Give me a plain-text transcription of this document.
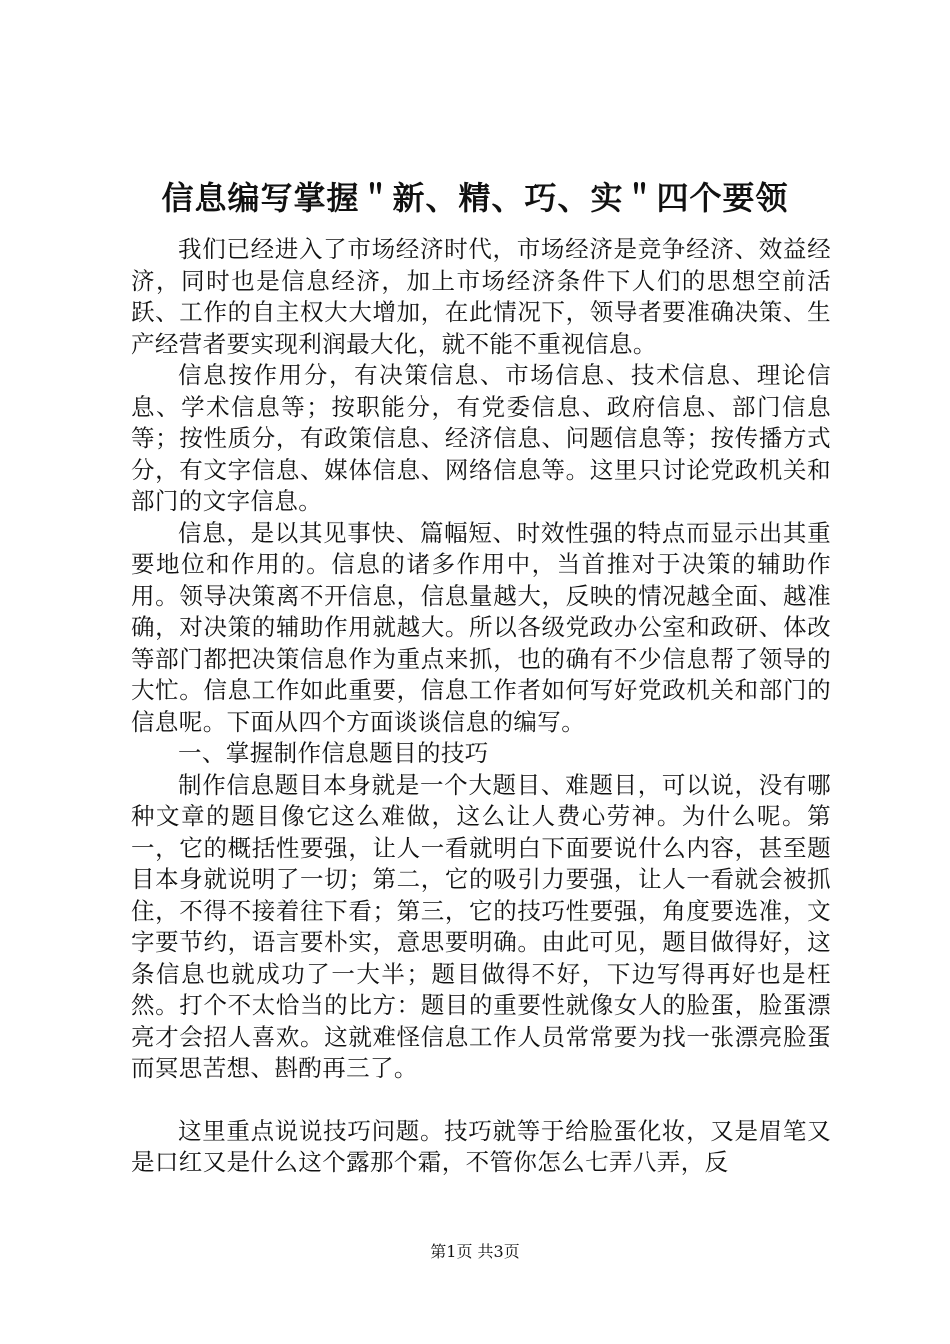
信息编写掌握＂新、精、巧、实＂四个要领

我们已经进入了市场经济时代，市场经济是竞争经济、效益经济，同时也是信息经济，加上市场经济条件下人们的思想空前活跃、工作的自主权大大增加，在此情况下，领导者要准确决策、生产经营者要实现利润最大化，就不能不重视信息。

信息按作用分，有决策信息、市场信息、技术信息、理论信息、学术信息等；按职能分，有党委信息、政府信息、部门信息等；按性质分，有政策信息、经济信息、问题信息等；按传播方式分，有文字信息、媒体信息、网络信息等。这里只讨论党政机关和部门的文字信息。

信息，是以其见事快、篇幅短、时效性强的特点而显示出其重要地位和作用的。信息的诸多作用中，当首推对于决策的辅助作用。领导决策离不开信息，信息量越大，反映的情况越全面、越准确，对决策的辅助作用就越大。所以各级党政办公室和政研、体改等部门都把决策信息作为重点来抓，也的确有不少信息帮了领导的大忙。信息工作如此重要，信息工作者如何写好党政机关和部门的信息呢。下面从四个方面谈谈信息的编写。

一、掌握制作信息题目的技巧

制作信息题目本身就是一个大题目、难题目，可以说，没有哪种文章的题目像它这么难做，这么让人费心劳神。为什么呢。第一，它的概括性要强，让人一看就明白下面要说什么内容，甚至题目本身就说明了一切；第二，它的吸引力要强，让人一看就会被抓住，不得不接着往下看；第三，它的技巧性要强，角度要选准，文字要节约，语言要朴实，意思要明确。由此可见，题目做得好，这条信息也就成功了一大半；题目做得不好，下边写得再好也是枉然。打个不太恰当的比方：题目的重要性就像女人的脸蛋，脸蛋漂亮才会招人喜欢。这就难怪信息工作人员常常要为找一张漂亮脸蛋而冥思苦想、斟酌再三了。

这里重点说说技巧问题。技巧就等于给脸蛋化妆，又是眉笔又是口红又是什么这个露那个霜，不管你怎么七弄八弄，反

第1页 共3页
